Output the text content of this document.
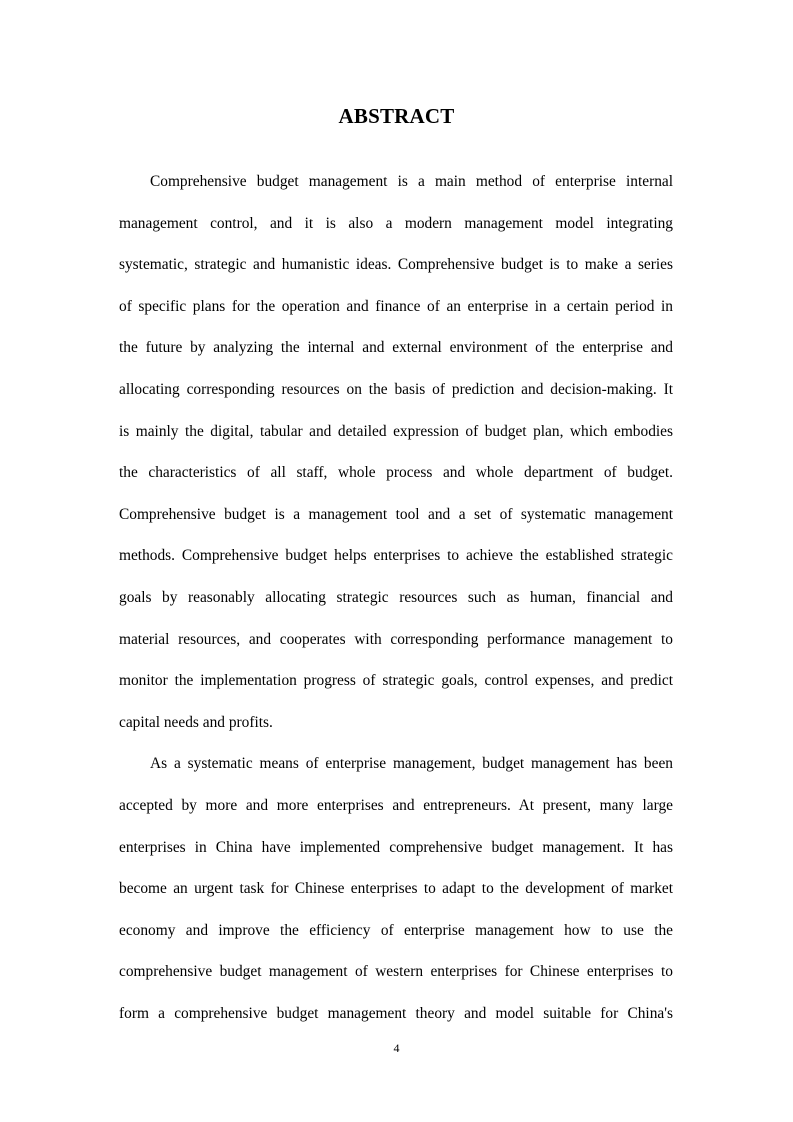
ABSTRACT
Comprehensive budget management is a main method of enterprise internal
management control, and it is also a modern management model integrating
systematic, strategic and humanistic ideas. Comprehensive budget is to make a series
of specific plans for the operation and finance of an enterprise in a certain period in
the future by analyzing the internal and external environment of the enterprise and
allocating corresponding resources on the basis of prediction and decision-making. It
is mainly the digital, tabular and detailed expression of budget plan, which embodies
the characteristics of all staff, whole process and whole department of budget.
Comprehensive budget is a management tool and a set of systematic management
methods. Comprehensive budget helps enterprises to achieve the established strategic
goals by reasonably allocating strategic resources such as human, financial and
material resources, and cooperates with corresponding performance management to
monitor the implementation progress of strategic goals, control expenses, and predict
capital needs and profits.
As a systematic means of enterprise management, budget management has been
accepted by more and more enterprises and entrepreneurs. At present, many large
enterprises in China have implemented comprehensive budget management. It has
become an urgent task for Chinese enterprises to adapt to the development of market
economy and improve the efficiency of enterprise management how to use the
comprehensive budget management of western enterprises for Chinese enterprises to
form a comprehensive budget management theory and model suitable for China's
4
